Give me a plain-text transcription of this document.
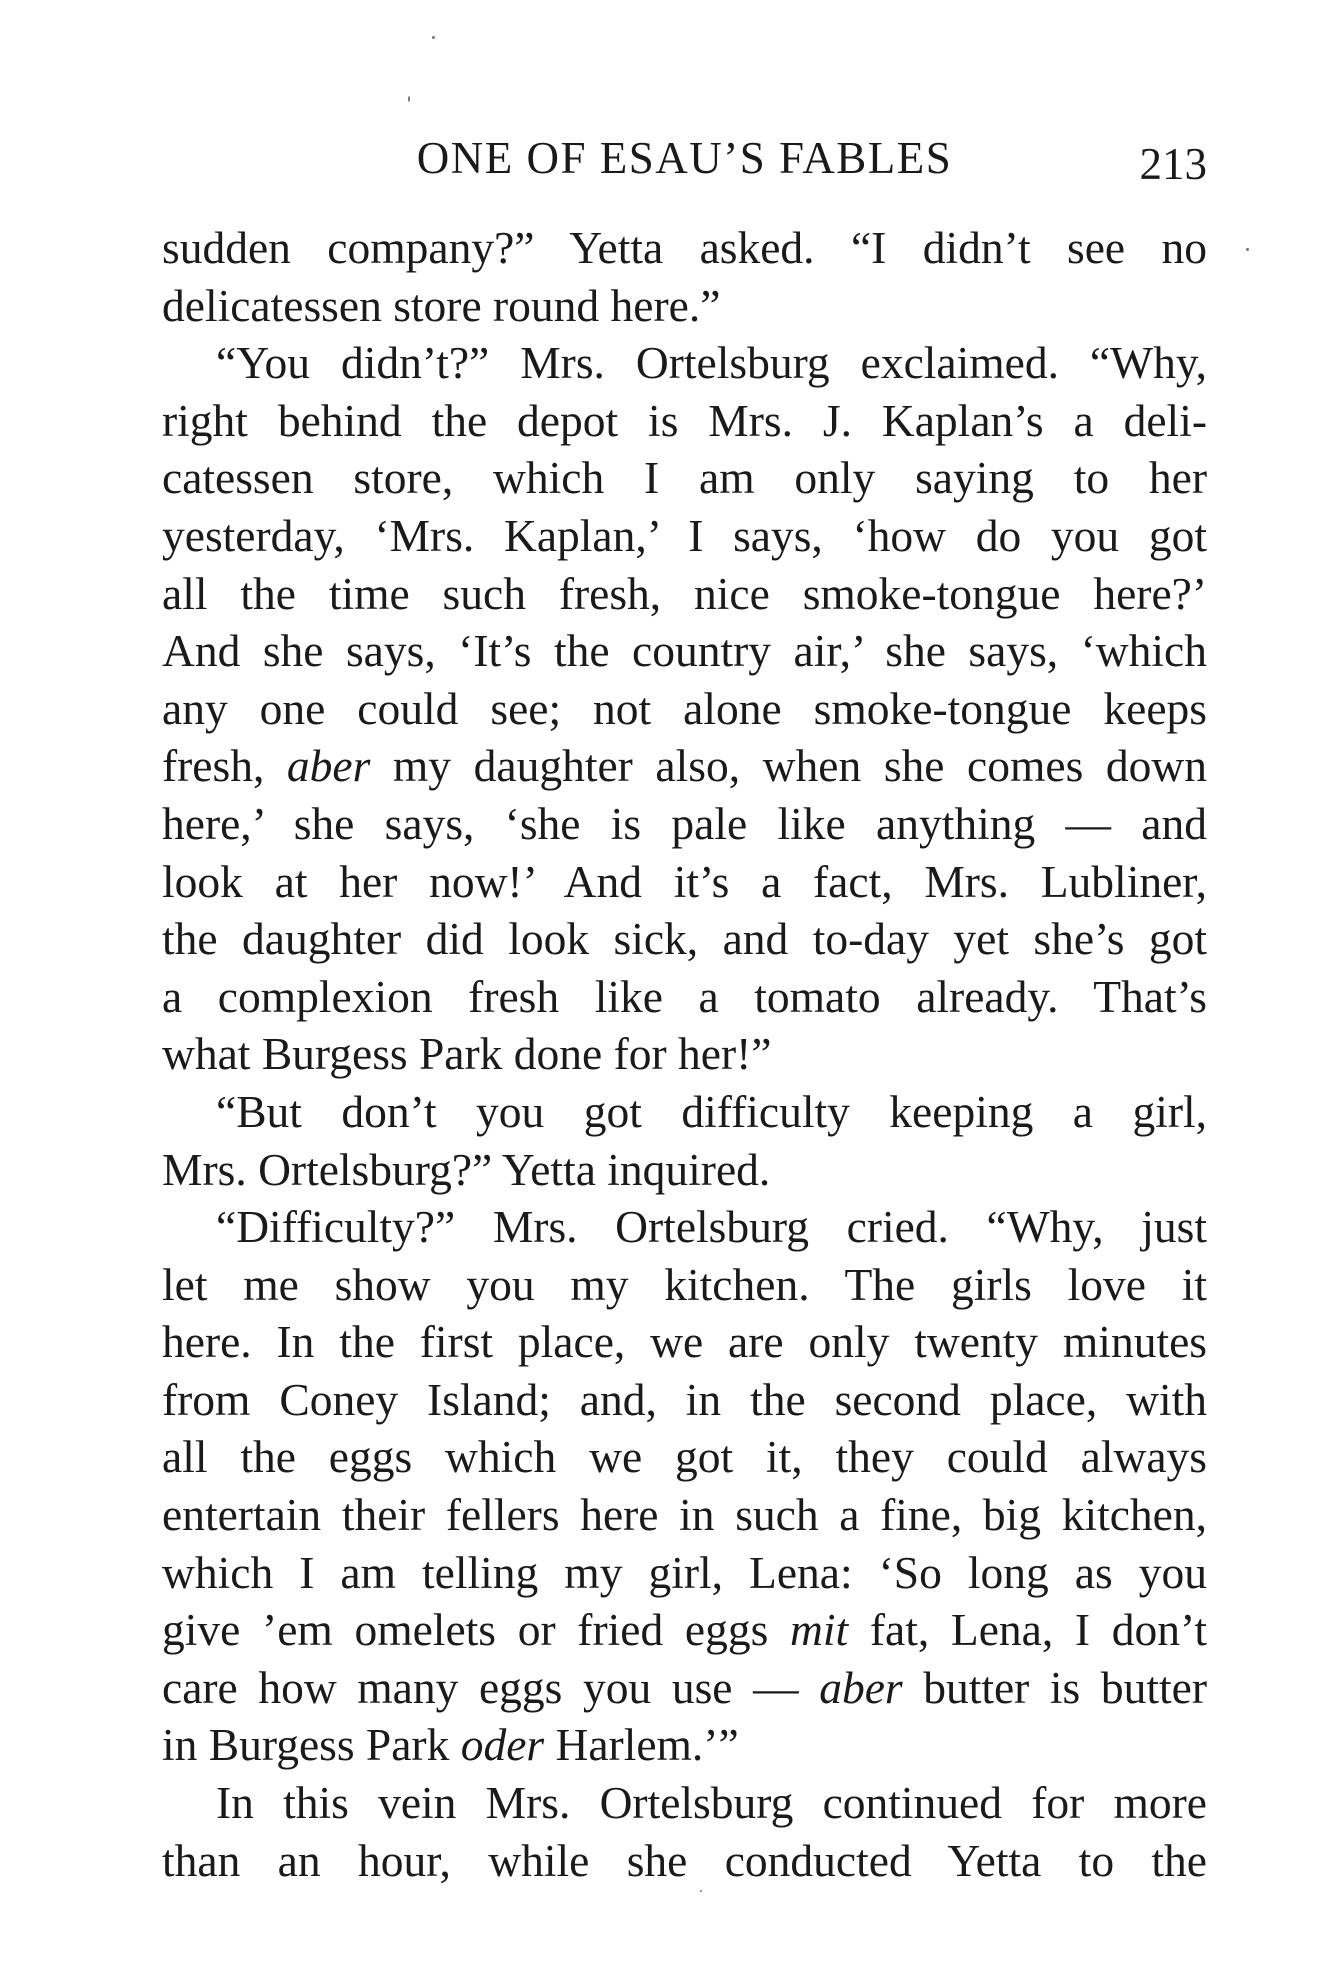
ONE OF ESAU’S FABLES	213
sudden company?” Yetta asked. “I didn’t see no
delicatessen store round here.”
“You didn’t?” Mrs. Ortelsburg exclaimed. “Why,
right behind the depot is Mrs. J. Kaplan’s a deli-
catessen store, which I am only saying to her
yesterday, ‘Mrs. Kaplan,’ I says, ‘how do you got
all the time such fresh, nice smoke-tongue here?’
And she says, ‘It’s the country air,’ she says, ‘which
any one could see; not alone smoke-tongue keeps
fresh, aber my daughter also, when she comes down
here,’ she says, ‘she is pale like anything — and
look at her now!’ And it’s a fact, Mrs. Lubliner,
the daughter did look sick, and to-day yet she’s got
a complexion fresh like a tomato already. That’s
what Burgess Park done for her!”
“But don’t you got difficulty keeping a girl,
Mrs. Ortelsburg?” Yetta inquired.
“Difficulty?” Mrs. Ortelsburg cried. “Why, just
let me show you my kitchen. The girls love it
here. In the first place, we are only twenty minutes
from Coney Island; and, in the second place, with
all the eggs which we got it, they could always
entertain their fellers here in such a fine, big kitchen,
which I am telling my girl, Lena: ‘So long as you
give ’em omelets or fried eggs mit fat, Lena, I don’t
care how many eggs you use — aber butter is butter
in Burgess Park oder Harlem.’”
In this vein Mrs. Ortelsburg continued for more
than an hour, while she conducted Yetta to the
